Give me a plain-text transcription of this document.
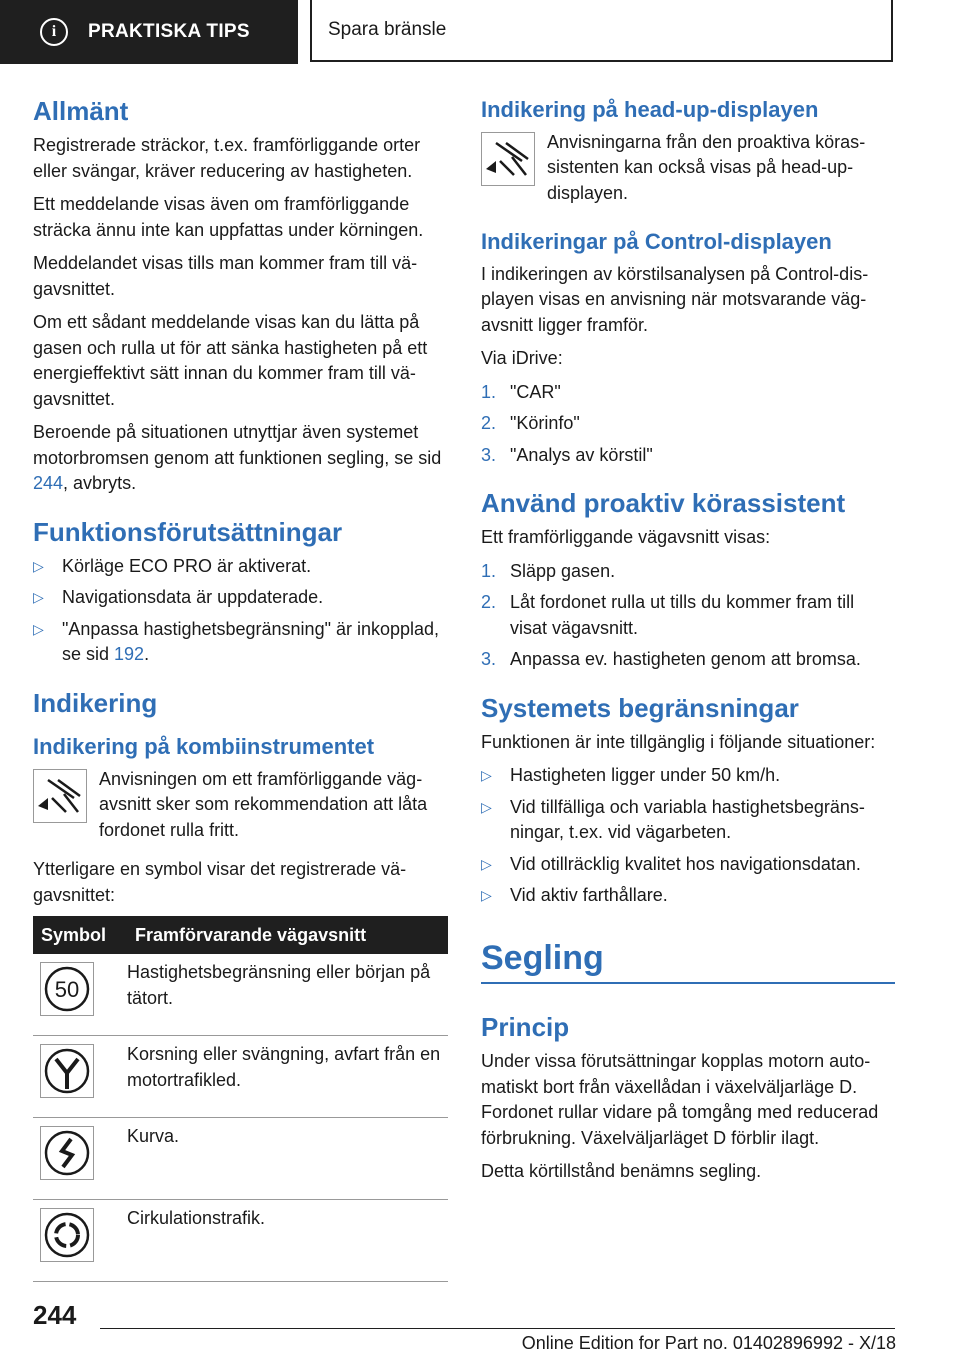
i	PRAKTISKA TIPS	Spara bränsle
Allmänt

Registrerade sträckor, t.ex. framförliggande orter eller svängar, kräver reducering av hastigheten.

Ett meddelande visas även om framförliggande sträcka ännu inte kan uppfattas under körningen.

Meddelandet visas tills man kommer fram till vägavsnittet.

Om ett sådant meddelande visas kan du lätta på gasen och rulla ut för att sänka hastigheten på ett energieffektivt sätt innan du kommer fram till vägavsnittet.

Beroende på situationen utnyttjar även systemet motorbromsen genom att funktionen segling, se sid 244, avbryts.

Funktionsförutsättningar
▷ Körläge ECO PRO är aktiverat.
▷ Navigationsdata är uppdaterade.
▷ "Anpassa hastighetsbegränsning" är inkopplad, se sid 192.
Indikering
Indikering på kombiinstrumentet

Anvisningen om ett framförliggande vägavsnitt sker som rekommendation att låta fordonet rulla fritt.

Ytterligare en symbol visar det registrerade vägavsnittet:

Symbol	Framförvarande vägavsnitt

50	Hastighetsbegränsning eller början på tätort.

	Korsning eller svängning, avfart från en motortrafikled.

	Kurva.

	Cirkulationstrafik.
Indikering på head-up-displayen

Anvisningarna från den proaktiva körassistenten kan också visas på head-up-displayen.

Indikeringar på Control-displayen

I indikeringen av körstilsanalysen på Control-displayen visas en anvisning när motsvarande vägavsnitt ligger framför.

Via iDrive:

1. "CAR"
2. "Körinfo"
3. "Analys av körstil"
Använd proaktiv körassistent

Ett framförliggande vägavsnitt visas:

1. Släpp gasen.
2. Låt fordonet rulla ut tills du kommer fram till visat vägavsnitt.
3. Anpassa ev. hastigheten genom att bromsa.
Systemets begränsningar

Funktionen är inte tillgänglig i följande situationer:

▷ Hastigheten ligger under 50 km/h.
▷ Vid tillfälliga och variabla hastighetsbegränsningar, t.ex. vid vägarbeten.
▷ Vid otillräcklig kvalitet hos navigationsdatan.
▷ Vid aktiv farthållare.
Segling
Princip

Under vissa förutsättningar kopplas motorn automatiskt bort från växellådan i växelväljarläge D. Fordonet rullar vidare på tomgång med reducerad förbrukning. Växelväljarläget D förblir ilagt.

Detta körtillstånd benämns segling.

244
Online Edition for Part no. 01402896992 - X/18
